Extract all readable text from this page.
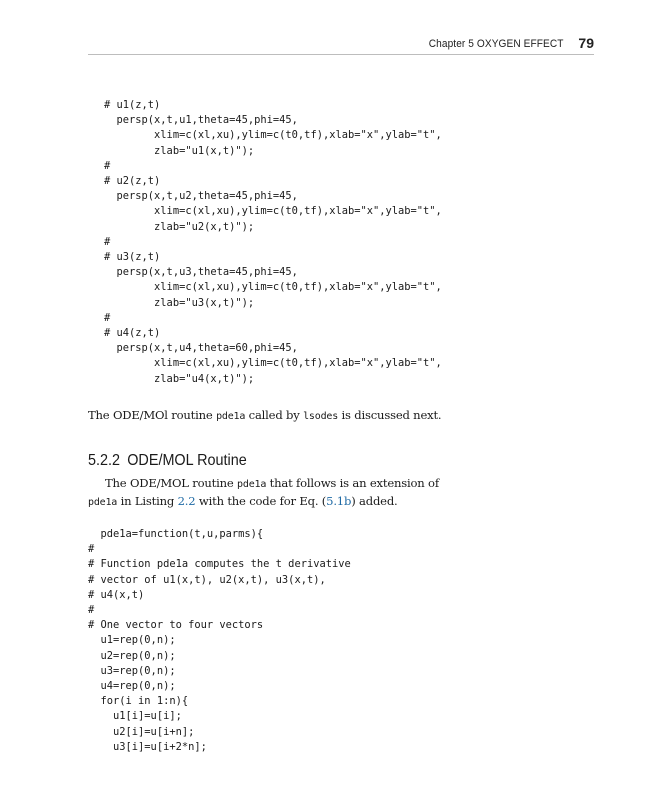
Chapter 5 OXYGEN EFFECT 79
# u1(z,t)
persp(x,t,u1,theta=45,phi=45,
xlim=c(xl,xu),ylim=c(t0,tf),xlab="x",ylab="t",
zlab="u1(x,t)");
#
# u2(z,t)
persp(x,t,u2,theta=45,phi=45,
xlim=c(xl,xu),ylim=c(t0,tf),xlab="x",ylab="t",
zlab="u2(x,t)");
#
# u3(z,t)
persp(x,t,u3,theta=45,phi=45,
xlim=c(xl,xu),ylim=c(t0,tf),xlab="x",ylab="t",
zlab="u3(x,t)");
#
# u4(z,t)
persp(x,t,u4,theta=60,phi=45,
xlim=c(xl,xu),ylim=c(t0,tf),xlab="x",ylab="t",
zlab="u4(x,t)");
The ODE/MOl routine pde1a called by lsodes is discussed next.
5.2.2 ODE/MOL Routine
The ODE/MOL routine pde1a that follows is an extension of
pde1a in Listing 2.2 with the code for Eq. (5.1b) added.
pde1a=function(t,u,parms){
#
# Function pde1a computes the t derivative
# vector of u1(x,t), u2(x,t), u3(x,t),
# u4(x,t)
#
# One vector to four vectors
u1=rep(0,n);
u2=rep(0,n);
u3=rep(0,n);
u4=rep(0,n);
for(i in 1:n){
u1[i]=u[i];
u2[i]=u[i+n];
u3[i]=u[i+2*n];
